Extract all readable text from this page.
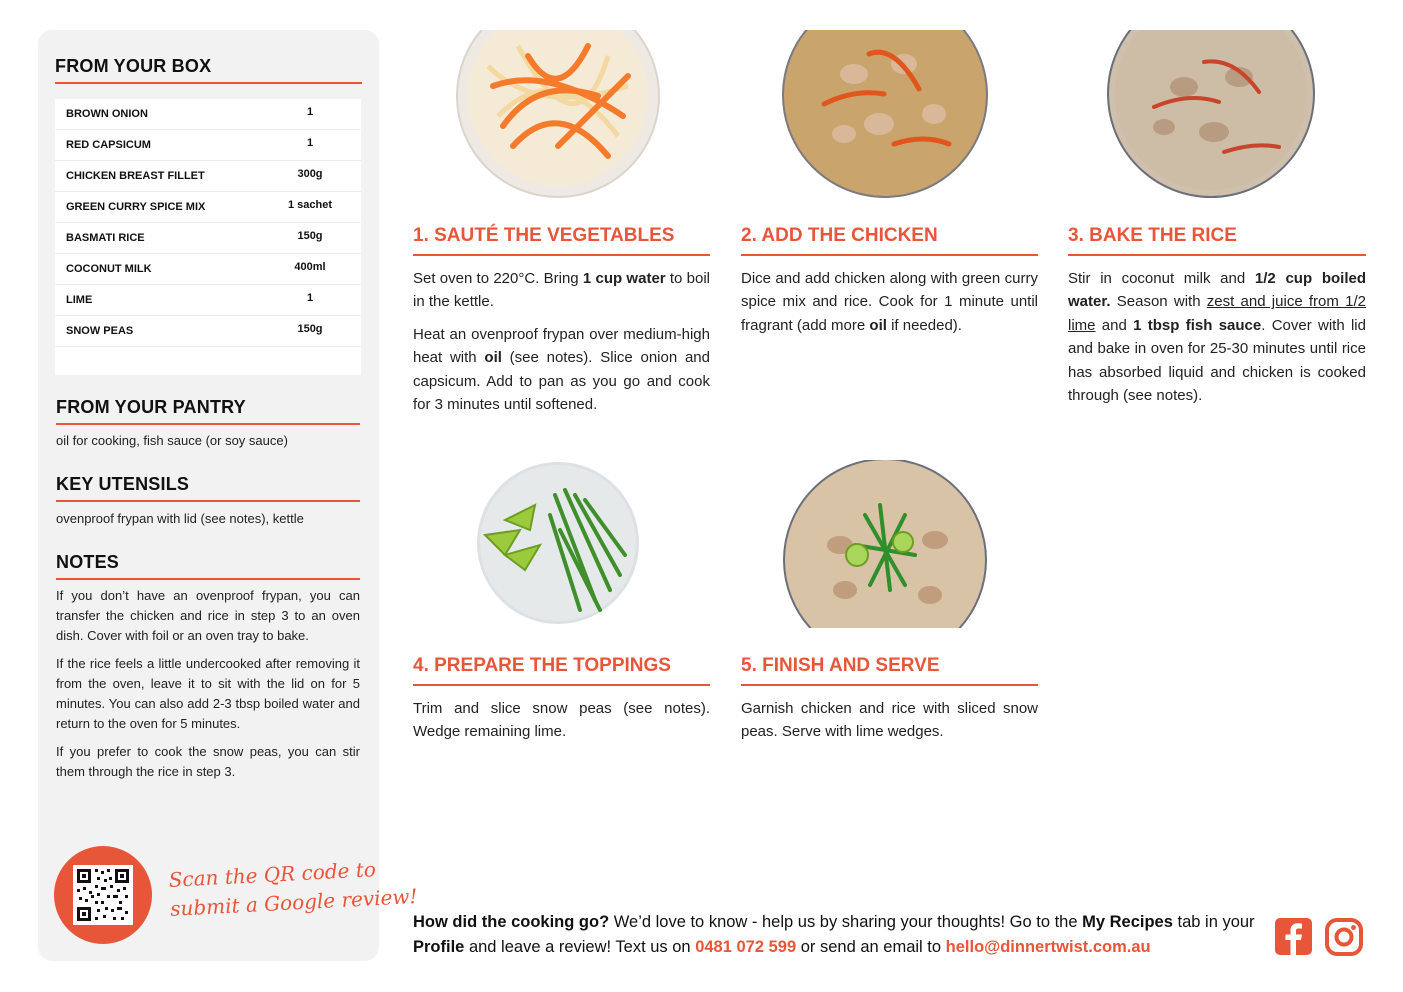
FROM YOUR BOX
BROWN ONION	1
RED CAPSICUM	1
CHICKEN BREAST FILLET	300g
GREEN CURRY SPICE MIX	1 sachet
BASMATI RICE	150g
COCONUT MILK	400ml
LIME	1
SNOW PEAS	150g
FROM YOUR PANTRY
oil for cooking, fish sauce (or soy sauce)
KEY UTENSILS
ovenproof frypan with lid (see notes), kettle
NOTES

If you don’t have an ovenproof frypan, you can transfer the chicken and rice in step 3 to an oven dish. Cover with foil or an oven tray to bake.

If the rice feels a little undercooked after removing it from the oven, leave it to sit with the lid on for 5 minutes. You can also add 2-3 tbsp boiled water and return to the oven for 5 minutes.

If you prefer to cook the snow peas, you can stir them through the rice in step 3.

Scan the QR code to
submit a Google review!
1. SAUTÉ THE VEGETABLES

Set oven to 220°C. Bring 1 cup water to boil in the kettle.

Heat an ovenproof frypan over medium-high heat with oil (see notes). Slice onion and capsicum. Add to pan as you go and cook for 3 minutes until softened.

2. ADD THE CHICKEN

Dice and add chicken along with green curry spice mix and rice. Cook for 1 minute until fragrant (add more oil if needed).

3. BAKE THE RICE

Stir in coconut milk and 1/2 cup boiled water. Season with zest and juice from 1/2 lime and 1 tbsp fish sauce. Cover with lid and bake in oven for 25-30 minutes until rice has absorbed liquid and chicken is cooked through (see notes).

4. PREPARE THE TOPPINGS
Trim and slice snow peas (see notes). Wedge remaining lime.
5. FINISH AND SERVE
Garnish chicken and rice with sliced snow peas. Serve with lime wedges.
How did the cooking go? We’d love to know - help us by sharing your thoughts! Go to the My Recipes tab in your Profile and leave a review! Text us on 0481 072 599 or send an email to hello@dinnertwist.com.au
